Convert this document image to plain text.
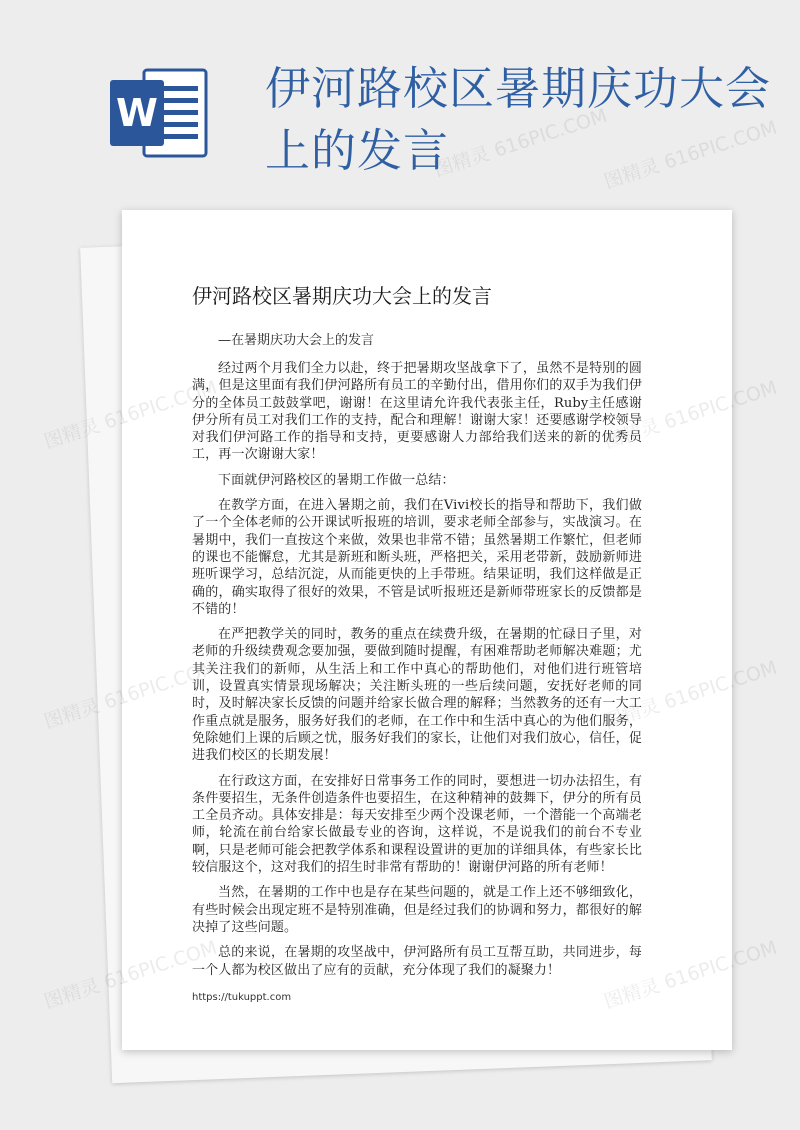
W 伊河路校区暑期庆功大会上的发言
伊河路校区暑期庆功大会上的发言

—在暑期庆功大会上的发言

经过两个月我们全力以赴，终于把暑期攻坚战拿下了，虽然不是特别的圆满，但是这里面有我们伊河路所有员工的辛勤付出，借用你们的双手为我们伊分的全体员工鼓鼓掌吧，谢谢！在这里请允许我代表张主任，Ruby主任感谢伊分所有员工对我们工作的支持，配合和理解！谢谢大家！还要感谢学校领导对我们伊河路工作的指导和支持，更要感谢人力部给我们送来的新的优秀员工，再一次谢谢大家！

下面就伊河路校区的暑期工作做一总结：

在教学方面，在进入暑期之前，我们在Vivi校长的指导和帮助下，我们做了一个全体老师的公开课试听报班的培训，要求老师全部参与，实战演习。在暑期中，我们一直按这个来做，效果也非常不错；虽然暑期工作繁忙，但老师的课也不能懈怠，尤其是新班和断头班，严格把关，采用老带新，鼓励新师进班听课学习，总结沉淀，从而能更快的上手带班。结果证明，我们这样做是正确的，确实取得了很好的效果，不管是试听报班还是新师带班家长的反馈都是不错的！

在严把教学关的同时，教务的重点在续费升级，在暑期的忙碌日子里，对老师的升级续费观念要加强，要做到随时提醒，有困难帮助老师解决难题；尤其关注我们的新师，从生活上和工作中真心的帮助他们，对他们进行班管培训，设置真实情景现场解决；关注断头班的一些后续问题，安抚好老师的同时，及时解决家长反馈的问题并给家长做合理的解释；当然教务的还有一大工作重点就是服务，服务好我们的老师，在工作中和生活中真心的为他们服务，免除她们上课的后顾之忧，服务好我们的家长，让他们对我们放心，信任，促进我们校区的长期发展！

在行政这方面，在安排好日常事务工作的同时，要想进一切办法招生，有条件要招生，无条件创造条件也要招生，在这种精神的鼓舞下，伊分的所有员工全员齐动。具体安排是：每天安排至少两个没课老师，一个潜能一个高端老师，轮流在前台给家长做最专业的咨询，这样说，不是说我们的前台不专业啊，只是老师可能会把教学体系和课程设置讲的更加的详细具体，有些家长比较信服这个，这对我们的招生时非常有帮助的！谢谢伊河路的所有老师！

当然，在暑期的工作中也是存在某些问题的，就是工作上还不够细致化，有些时候会出现定班不是特别准确，但是经过我们的协调和努力，都很好的解决掉了这些问题。

总的来说，在暑期的攻坚战中，伊河路所有员工互帮互助，共同进步，每一个人都为校区做出了应有的贡献，充分体现了我们的凝聚力！

https://tukuppt.com
图精灵 616PIC.COM
图精灵 616PIC.COM
图精灵
图精灵
图精灵
